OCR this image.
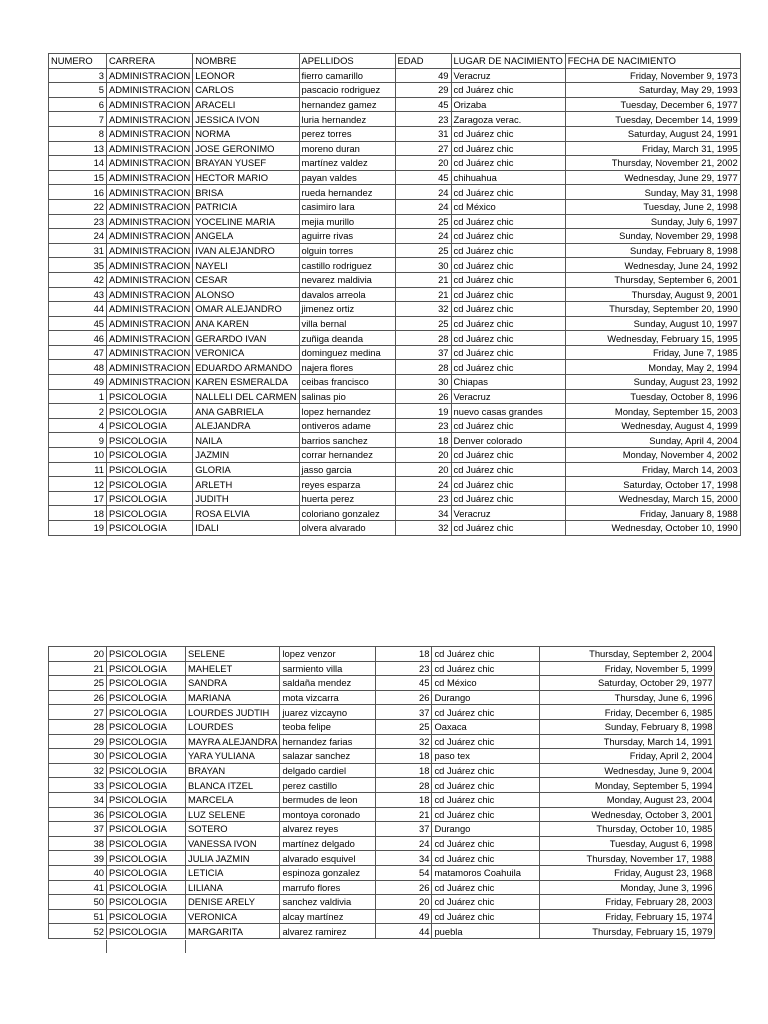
NUMERO	CARRERA	NOMBRE	APELLIDOS	EDAD	LUGAR DE NACIMIENTO	FECHA DE NACIMIENTO
3	ADMINISTRACION	LEONOR	fierro camarillo	49	Veracruz	Friday, November 9, 1973
5	ADMINISTRACION	CARLOS	pascacio rodriguez	29	cd Juárez chic	Saturday, May 29, 1993
6	ADMINISTRACION	ARACELI	hernandez gamez	45	Orizaba	Tuesday, December 6, 1977
7	ADMINISTRACION	JESSICA IVON	luria hernandez	23	Zaragoza verac.	Tuesday, December 14, 1999
8	ADMINISTRACION	NORMA	perez torres	31	cd Juárez chic	Saturday, August 24, 1991
13	ADMINISTRACION	JOSE GERONIMO	moreno duran	27	cd Juárez chic	Friday, March 31, 1995
14	ADMINISTRACION	BRAYAN YUSEF	martínez valdez	20	cd Juárez chic	Thursday, November 21, 2002
15	ADMINISTRACION	HECTOR MARIO	payan valdes	45	chihuahua	Wednesday, June 29, 1977
16	ADMINISTRACION	BRISA	rueda hernandez	24	cd Juárez chic	Sunday, May 31, 1998
22	ADMINISTRACION	PATRICIA	casimiro lara	24	cd México	Tuesday, June 2, 1998
23	ADMINISTRACION	YOCELINE MARIA	mejia murillo	25	cd Juárez chic	Sunday, July 6, 1997
24	ADMINISTRACION	ANGELA	aguirre rivas	24	cd Juárez chic	Sunday, November 29, 1998
31	ADMINISTRACION	IVAN ALEJANDRO	olguin torres	25	cd Juárez chic	Sunday, February 8, 1998
35	ADMINISTRACION	NAYELI	castillo rodriguez	30	cd Juárez chic	Wednesday, June 24, 1992
42	ADMINISTRACION	CESAR	nevarez maldivia	21	cd Juárez chic	Thursday, September 6, 2001
43	ADMINISTRACION	ALONSO	davalos arreola	21	cd Juárez chic	Thursday, August 9, 2001
44	ADMINISTRACION	OMAR ALEJANDRO	jimenez ortiz	32	cd Juárez chic	Thursday, September 20, 1990
45	ADMINISTRACION	ANA KAREN	villa bernal	25	cd Juárez chic	Sunday, August 10, 1997
46	ADMINISTRACION	GERARDO IVAN	zuñiga deanda	28	cd Juárez chic	Wednesday, February 15, 1995
47	ADMINISTRACION	VERONICA	dominguez medina	37	cd Juárez chic	Friday, June 7, 1985
48	ADMINISTRACION	EDUARDO ARMANDO	najera flores	28	cd Juárez chic	Monday, May 2, 1994
49	ADMINISTRACION	KAREN ESMERALDA	ceibas francisco	30	Chiapas	Sunday, August 23, 1992
1	PSICOLOGIA	NALLELI DEL CARMEN	salinas pio	26	Veracruz	Tuesday, October 8, 1996
2	PSICOLOGIA	ANA GABRIELA	lopez hernandez	19	nuevo casas grandes	Monday, September 15, 2003
4	PSICOLOGIA	ALEJANDRA	ontiveros adame	23	cd Juárez chic	Wednesday, August 4, 1999
9	PSICOLOGIA	NAILA	barrios sanchez	18	Denver colorado	Sunday, April 4, 2004
10	PSICOLOGIA	JAZMIN	corrar hernandez	20	cd Juárez chic	Monday, November 4, 2002
11	PSICOLOGIA	GLORIA	jasso garcia	20	cd Juárez chic	Friday, March 14, 2003
12	PSICOLOGIA	ARLETH	reyes esparza	24	cd Juárez chic	Saturday, October 17, 1998
17	PSICOLOGIA	JUDITH	huerta perez	23	cd Juárez chic	Wednesday, March 15, 2000
18	PSICOLOGIA	ROSA ELVIA	coloriano gonzalez	34	Veracruz	Friday, January 8, 1988
19	PSICOLOGIA	IDALI	olvera alvarado	32	cd Juárez chic	Wednesday, October 10, 1990
20	PSICOLOGIA	SELENE	lopez venzor	18	cd Juárez chic	Thursday, September 2, 2004
21	PSICOLOGIA	MAHELET	sarmiento villa	23	cd Juárez chic	Friday, November 5, 1999
25	PSICOLOGIA	SANDRA	saldaña mendez	45	cd México	Saturday, October 29, 1977
26	PSICOLOGIA	MARIANA	mota vizcarra	26	Durango	Thursday, June 6, 1996
27	PSICOLOGIA	LOURDES JUDTIH	juarez vizcayno	37	cd Juárez chic	Friday, December 6, 1985
28	PSICOLOGIA	LOURDES	teoba felipe	25	Oaxaca	Sunday, February 8, 1998
29	PSICOLOGIA	MAYRA ALEJANDRA	hernandez farias	32	cd Juárez chic	Thursday, March 14, 1991
30	PSICOLOGIA	YARA YULIANA	salazar sanchez	18	paso tex	Friday, April 2, 2004
32	PSICOLOGIA	BRAYAN	delgado cardiel	18	cd Juárez chic	Wednesday, June 9, 2004
33	PSICOLOGIA	BLANCA ITZEL	perez castillo	28	cd Juárez chic	Monday, September 5, 1994
34	PSICOLOGIA	MARCELA	bermudes de leon	18	cd Juárez chic	Monday, August 23, 2004
36	PSICOLOGIA	LUZ SELENE	montoya coronado	21	cd Juárez chic	Wednesday, October 3, 2001
37	PSICOLOGIA	SOTERO	alvarez reyes	37	Durango	Thursday, October 10, 1985
38	PSICOLOGIA	VANESSA IVON	martínez delgado	24	cd Juárez chic	Tuesday, August 6, 1998
39	PSICOLOGIA	JULIA JAZMIN	alvarado esquivel	34	cd Juárez chic	Thursday, November 17, 1988
40	PSICOLOGIA	LETICIA	espinoza gonzalez	54	matamoros Coahuila	Friday, August 23, 1968
41	PSICOLOGIA	LILIANA	marrufo flores	26	cd Juárez chic	Monday, June 3, 1996
50	PSICOLOGIA	DENISE ARELY	sanchez valdivia	20	cd Juárez chic	Friday, February 28, 2003
51	PSICOLOGIA	VERONICA	alcay martínez	49	cd Juárez chic	Friday, February 15, 1974
52	PSICOLOGIA	MARGARITA	alvarez ramirez	44	puebla	Thursday, February 15, 1979
